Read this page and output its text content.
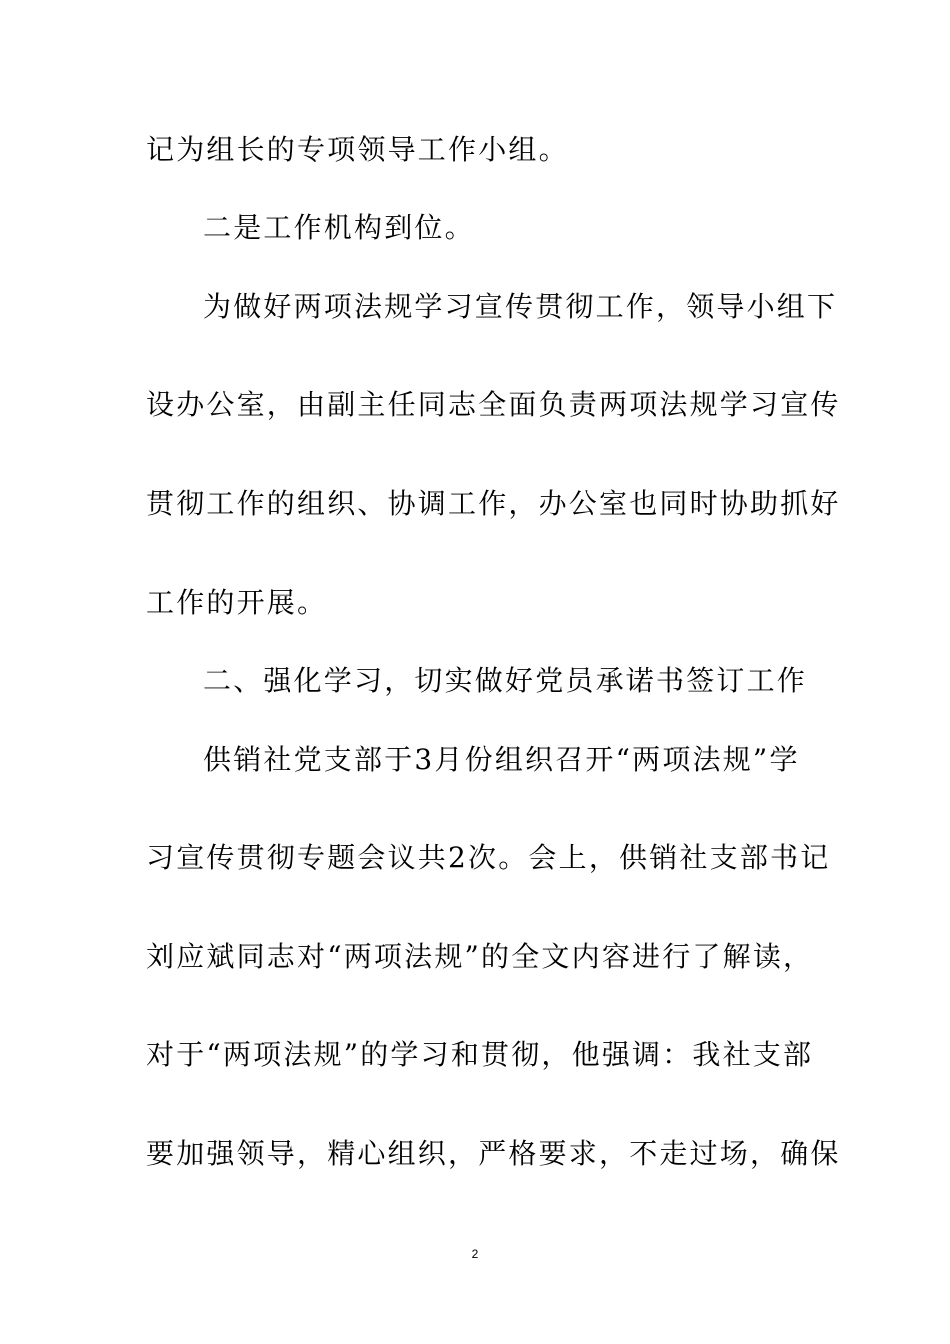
记为组长的专项领导工作小组。
二是工作机构到位。
为做好两项法规学习宣传贯彻工作，领导小组下
设办公室，由副主任同志全面负责两项法规学习宣传
贯彻工作的组织、协调工作，办公室也同时协助抓好
工作的开展。
二、强化学习，切实做好党员承诺书签订工作
供销社党支部于3月份组织召开“两项法规”学
习宣传贯彻专题会议共2次。会上，供销社支部书记
刘应斌同志对“两项法规”的全文内容进行了解读，
对于“两项法规”的学习和贯彻，他强调：我社支部
要加强领导，精心组织，严格要求，不走过场，确保
2
